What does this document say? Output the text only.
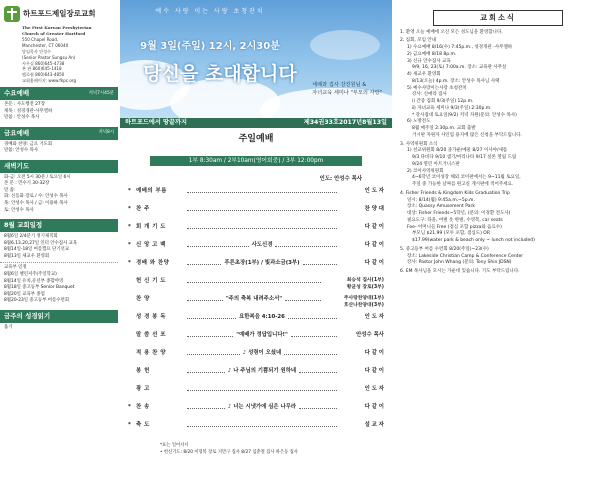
하트포드제일장로교회
The First Korean Presbyterian
Church of Greater Hartford
550 Chapel Road,
Manchester, CT 06040
담임목사 안성수
(Senior Pastor Sungsu An)
사무실 860)645-4738
본 관 860)645-1418
펠로쉽 860)643-4850
교회홈페이지: www.fkpc.org
수요예배	저녁7시45분
본문 : 사도행전 27장
제목 : 성경개관-사무엘하
말씀 : 안성수 목사
금요예배	저녁8시
경배와 찬양: 금요 기도회
말씀: 안성수 목사
새벽기도
화-금: 오전 5시 30분 / 토요일 6시
본 문 : 민수기 30-32장
말 씀:
화: 신동화 장로 / 수: 안성수 목사
목: 안성수 목사 / 금: 이용하 목사
토: 안성수 목사
8월 교회일정
8월6일 2/4분기 정기제직회
8월6,13,20,27일 인터 안수집사 교육
8월14일-18일 여름캠프 단기선교
8월13일 새교우 환영회
교육부 일정
8월6일 챌린저주(주일학교)
8월14일 유치,유년부 종합야영
8월18일 중고등부 Senior Banquet
8월20일 교육부 종업
8월20-23일 중고등부 여름수련회
금주의 성경읽기
욥기
예수 사랑 이는 사랑 초청잔치
9월 3일(주일) 12시, 2시30분
당신을 초대합니다	세례과 집사 강진원님 &
자녀교육 세미나 "부모의 사랑"
하트포드에서 땅끝까지	제34권33호2017년8월13일
주일예배
1부 8:30am / 2부10am(영어회중) / 3부 12:00pm
인도: 안성수 목사
* 예배의 부름	인 도 자
* 찬 주	찬 양 대
* 회 개 기 도	다 같 이
* 신 앙 고 백	사도신경	다 같 이
* 경배 와 찬양	푸른초장(1부) / 빛과소금(3부)	다 같 이
헌 신 기 도	최승석 집사(1부)
황균성 장로(3부)
찬 양	"주의 축복 내려주소서"	주사랑찬양대(1부)
호산나찬양대(3부)
성 경 봉 독	요한복음 4:10-26	인 도 자
말 씀 선 포	"예배가 정답입니다!"	안성수 목사
적 용 찬 양	♪ 성령이 오셨네	다 같 이
봉 헌	♪ 나 주님의 기쁨되기 원하네	다 같 이
광 고	인 도 자
* 찬 송	♪ 너는 시냇가에 심은 나무라	다 같 이
* 축 도	설 교 자
*표는 일어서서
• 헌신기도: 8/20 이형복 장로 지만구 집사 8/27 임춘철 집사 하은동 집사
교회소식
1. 환영 오늘 예배에 오신 모든 성도님을 환영합니다.
2. 집회, 모임 안내
1) 수요예배 8/16(수) 7:45p.m., 성경개관 -사무엘하
2) 금요예배 8/18 8p.m.
3) 신규 안수집사 교육
9/9, 16, 23(토) 7:00a.m. 장소: 교육관 사무실
4) 새교우 환영회
8/13(오늘) 4p.m. 장소: 안성수 목사님 사택
5) 예수사랑이는사랑 초청잔치
강사: 신애라 집사
ⅰ) 간증 집회 9/3(주일) 12p.m.
ⅱ) 자녀교육 세미나 9/3(주일) 2:30p.m.
* 강사접대 토요일(9/2) 저녁 자원(문의: 안성수 목사)
6) 노방전도
8월 매주일 2:30p.m. 교회 출발
거시판 자원자 사인업 용지에 많은 신청을 부탁드립니다.
3. 사역위원회 소식
1) 친교위원회 8/20 졸가운/예물 8/27 이사야/새롬
9/3 다비다 9/10 샘기/마리나타 9/17 실론 열림 드림
9/24 열린 아트거니스판
2) 코이사역위원회
4~6학년 코이성장 해외 코이판에서는 9~11월 토요일,
주일 중 가능한 날짜를 편고실 게시판에 적어주세요.
4. Fisher Friends & Kingdom Kids Graduation Trip
일시: 8/14(월) 9:45a.m.~5p.m.
장소: Quassy Amusement Park
대상: Fisher Friends~5학년, (문의: 이경환 전도사)
필요도구: 타올, 여벌 옷 한벌, 수영복, car seats
Fee- 어머니들 Free (점심 포함 pizza와 음료수)
부모님 $21.99 (모두 포함, 점심도) OR
$17.99(water park & beach only ~ lunch not included)
5. 중고등부 여름 수련회 8/20(주일)~23(수)
장소: Lakeside Christian Camp & Conference Center
강사: Pastor John Whang (문의: Tony Shin JDSN)
6. EM 목사님을 모시는 가운데 있습니다. 기도 부탁드립니다.
